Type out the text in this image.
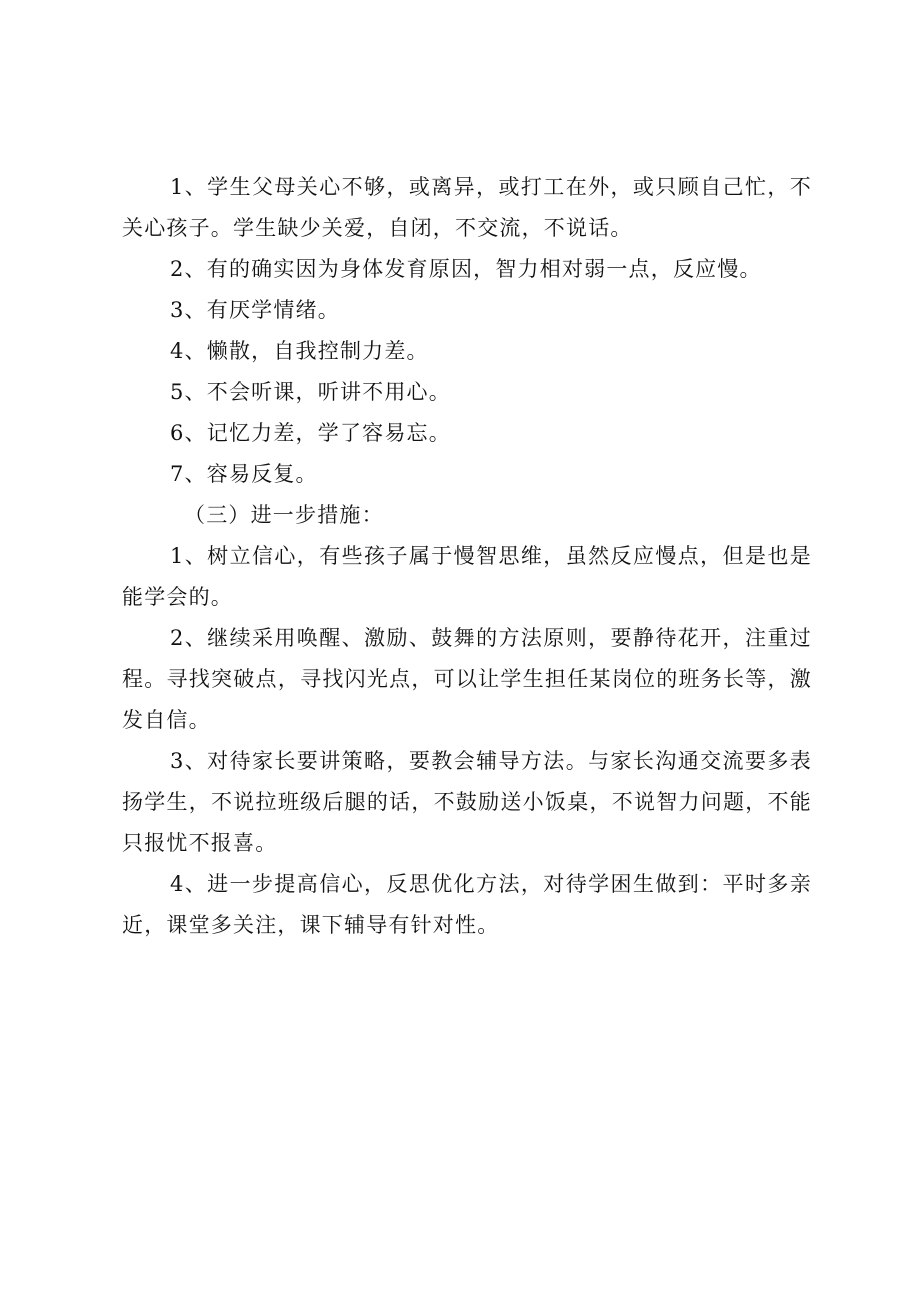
1、学生父母关心不够，或离异，或打工在外，或只顾自己忙，不关心孩子。学生缺少关爱，自闭，不交流，不说话。

2、有的确实因为身体发育原因，智力相对弱一点，反应慢。

3、有厌学情绪。

4、懒散，自我控制力差。

5、不会听课，听讲不用心。

6、记忆力差，学了容易忘。

7、容易反复。

（三）进一步措施：

1、树立信心，有些孩子属于慢智思维，虽然反应慢点，但是也是能学会的。

2、继续采用唤醒、激励、鼓舞的方法原则，要静待花开，注重过程。寻找突破点，寻找闪光点，可以让学生担任某岗位的班务长等，激发自信。

3、对待家长要讲策略，要教会辅导方法。与家长沟通交流要多表扬学生，不说拉班级后腿的话，不鼓励送小饭桌，不说智力问题，不能只报忧不报喜。

4、进一步提高信心，反思优化方法，对待学困生做到：平时多亲近，课堂多关注，课下辅导有针对性。
